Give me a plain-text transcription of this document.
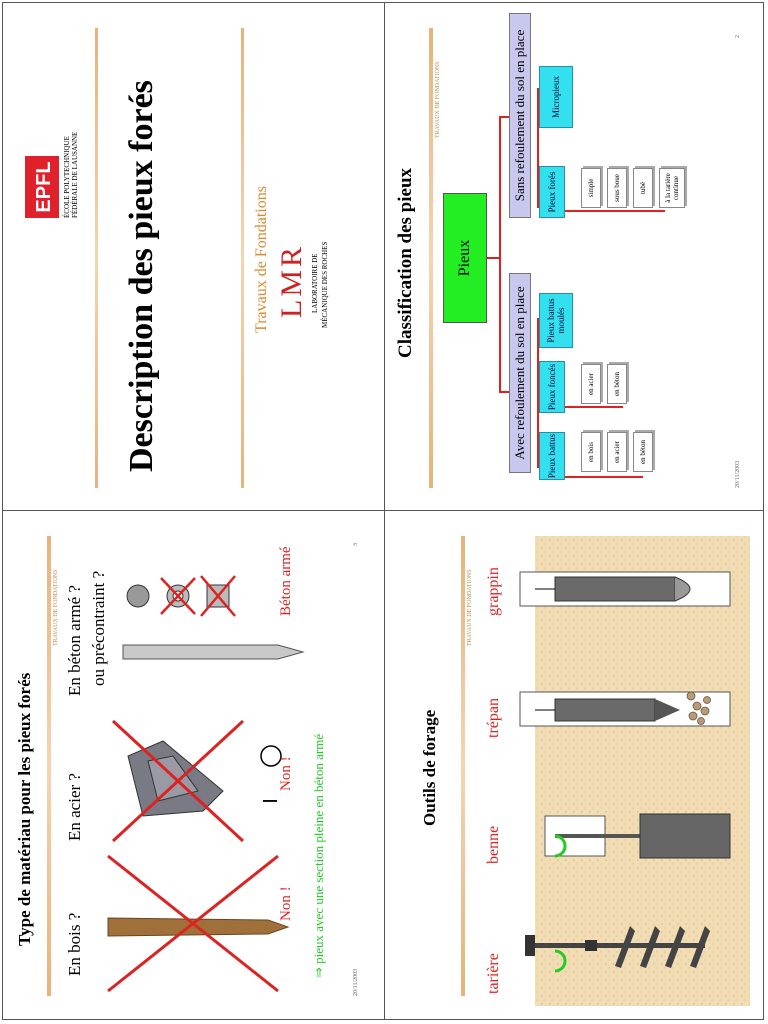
EPFL ÉCOLE POLYTECHNIQUE FÉDÉRALE DE LAUSANNE Description des pieux forés	Travaux de Fondations LMR LABORATOIRE DE MÉCANIQUE DES ROCHES	Classification des pieux
TRAVAUX DE FONDATIONS
Pieux
Avec refoulement du sol en place
Sans refoulement du sol en place
Pieux battus
Pieux foncés
Pieux battus moulés
Pieux forés
Micropieux
en bois	en acier	en béton
en acier	en béton
simple	sous boue	tubé à la tarière continue
20/11/2003
2
Type de matériau pour les pieux forés
TRAVAUX DE FONDATIONS
En bois ?
En acier ?
En béton armé ? ou précontraint ?
I
Non !
Non !
Béton armé
⇒ pieux avec une section pleine en béton armé
20/11/2003
3
Outils de forage
TRAVAUX DE FONDATIONS
tarière
benne
trépan
grappin
